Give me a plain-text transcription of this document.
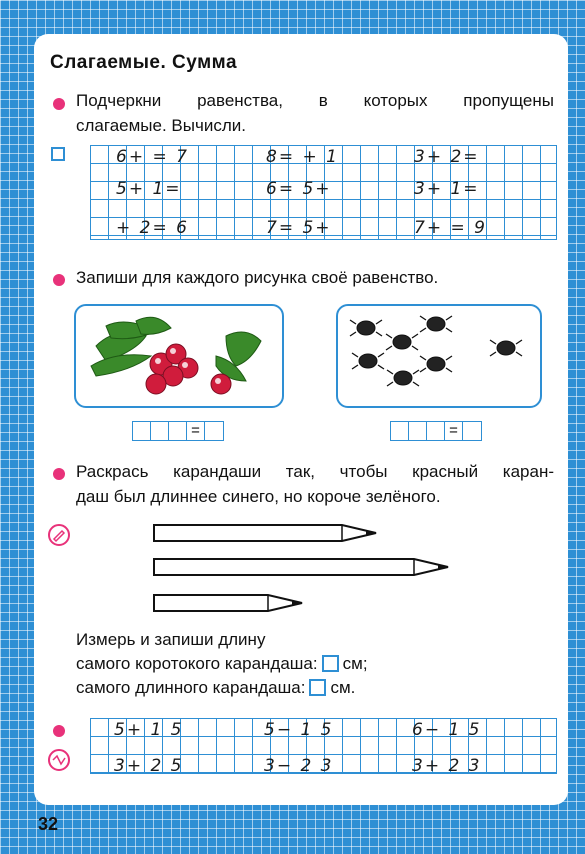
Слагаемые. Сумма
Подчеркни равенства, в которых пропущены
слагаемые. Вычисли.
6+ = 7	8= + 1	3+ 2=
5+ 1=	6= 5+	3+ 1=
+ 2= 6	7= 5+	7+ = 9
Запиши для каждого рисунка своё равенство.
=	=
Раскрась карандаши так, чтобы красный каран-
даш был длиннее синего, но короче зелёного.
Измерь и запиши длину
самого коротокого карандаша: см;
самого длинного карандаша: см.
5+ 1 5	5− 1 5	6− 1 5
3+ 2 5	3− 2 3	3+ 2 3
32
